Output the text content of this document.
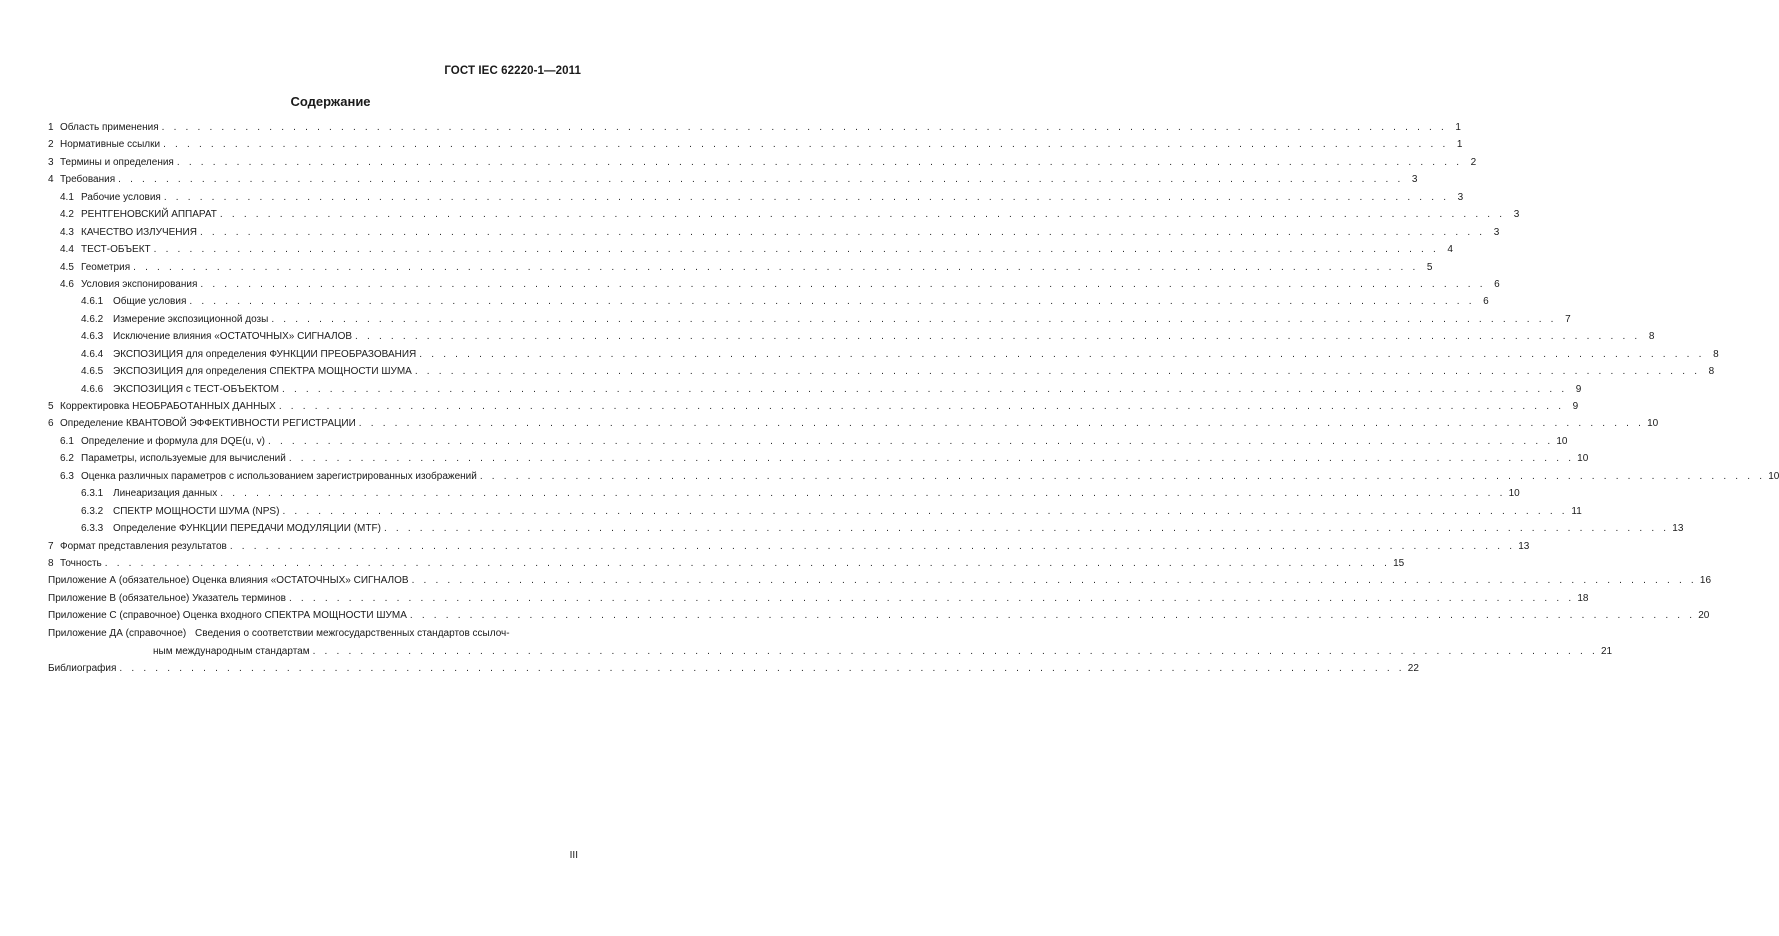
ГОСТ IEC 62220-1—2011
Содержание
1 Область применения . . . . . . . . . . . . . . . . . . . . . . . . . . . . . . . . . . . . . . . . . . . . . . . . . . . . . . . . . . . . . . . . . . . . . . . . . . . . . . . . . . . . . . . . . . . . . . . . . . . . . . . . . . . . 1
2 Нормативные ссылки . . . . . . . . . . . . . . . . . . . . . . . . . . . . . . . . . . . . . . . . . . . . . . . . . . . . . . . . . . . . . . . . . . . . . . . . . . . . . . . . . . . . . . . . . . . . . . . . . . . . . . . . . . . . 1
3 Термины и определения . . . . . . . . . . . . . . . . . . . . . . . . . . . . . . . . . . . . . . . . . . . . . . . . . . . . . . . . . . . . . . . . . . . . . . . . . . . . . . . . . . . . . . . . . . . . . . . . . . . . . . . . . . . . 2
4 Требования . . . . . . . . . . . . . . . . . . . . . . . . . . . . . . . . . . . . . . . . . . . . . . . . . . . . . . . . . . . . . . . . . . . . . . . . . . . . . . . . . . . . . . . . . . . . . . . . . . . . . . . . . . . . 3
4.1 Рабочие условия . . . . . . . . . . . . . . . . . . . . . . . . . . . . . . . . . . . . . . . . . . . . . . . . . . . . . . . . . . . . . . . . . . . . . . . . . . . . . . . . . . . . . . . . . . . . . . . . . . . . . . . . . . . . 3
4.2 РЕНТГЕНОВСКИЙ АППАРАТ . . . . . . . . . . . . . . . . . . . . . . . . . . . . . . . . . . . . . . . . . . . . . . . . . . . . . . . . . . . . . . . . . . . . . . . . . . . . . . . . . . . . . . . . . . . . . . . . . . . . . . . . . . . . 3
4.3 КАЧЕСТВО ИЗЛУЧЕНИЯ . . . . . . . . . . . . . . . . . . . . . . . . . . . . . . . . . . . . . . . . . . . . . . . . . . . . . . . . . . . . . . . . . . . . . . . . . . . . . . . . . . . . . . . . . . . . . . . . . . . . . . . . . . . . 3
4.4 ТЕСТ-ОБЪЕКТ . . . . . . . . . . . . . . . . . . . . . . . . . . . . . . . . . . . . . . . . . . . . . . . . . . . . . . . . . . . . . . . . . . . . . . . . . . . . . . . . . . . . . . . . . . . . . . . . . . . . . . . . . . . . 4
4.5 Геометрия . . . . . . . . . . . . . . . . . . . . . . . . . . . . . . . . . . . . . . . . . . . . . . . . . . . . . . . . . . . . . . . . . . . . . . . . . . . . . . . . . . . . . . . . . . . . . . . . . . . . . . . . . . . . 5
4.6 Условия экспонирования . . . . . . . . . . . . . . . . . . . . . . . . . . . . . . . . . . . . . . . . . . . . . . . . . . . . . . . . . . . . . . . . . . . . . . . . . . . . . . . . . . . . . . . . . . . . . . . . . . . . . . . . . . . . 6
4.6.1 Общие условия . . . . . . . . . . . . . . . . . . . . . . . . . . . . . . . . . . . . . . . . . . . . . . . . . . . . . . . . . . . . . . . . . . . . . . . . . . . . . . . . . . . . . . . . . . . . . . . . . . . . . . . . . . . . 6
4.6.2 Измерение экспозиционной дозы . . . . . . . . . . . . . . . . . . . . . . . . . . . . . . . . . . . . . . . . . . . . . . . . . . . . . . . . . . . . . . . . . . . . . . . . . . . . . . . . . . . . . . . . . . . . . . . . . . . . . . . . . . . . 7
4.6.3 Исключение влияния «ОСТАТОЧНЫХ» СИГНАЛОВ . . . . . . . . . . . . . . . . . . . . . . . . . . . . . . . . . . . . . . . . . . . . . . . . . . . . . . . . . . . . . . . . . . . . . . . . . . . . . . . . . . . . . . . . . . . . . . . . . . . . . . . . . . . . 8
4.6.4 ЭКСПОЗИЦИЯ для определения ФУНКЦИИ ПРЕОБРАЗОВАНИЯ . . . . . . . . . . . . . . . . . . . . . . . . . . . . . . . . . . . . . . . . . . . . . . . . . . . . . . . . . . . . . . . . . . . . . . . . . . . . . . . . . . . . . . . . . . . . . . . . . . . . . . . . . . . . 8
4.6.5 ЭКСПОЗИЦИЯ для определения СПЕКТРА МОЩНОСТИ ШУМА . . . . . . . . . . . . . . . . . . . . . . . . . . . . . . . . . . . . . . . . . . . . . . . . . . . . . . . . . . . . . . . . . . . . . . . . . . . . . . . . . . . . . . . . . . . . . . . . . . . . . . . . . . . . 8
4.6.6 ЭКСПОЗИЦИЯ с ТЕСТ-ОБЪЕКТОМ . . . . . . . . . . . . . . . . . . . . . . . . . . . . . . . . . . . . . . . . . . . . . . . . . . . . . . . . . . . . . . . . . . . . . . . . . . . . . . . . . . . . . . . . . . . . . . . . . . . . . . . . . . . . 9
5 Корректировка НЕОБРАБОТАННЫХ ДАННЫХ . . . . . . . . . . . . . . . . . . . . . . . . . . . . . . . . . . . . . . . . . . . . . . . . . . . . . . . . . . . . . . . . . . . . . . . . . . . . . . . . . . . . . . . . . . . . . . . . . . . . . . . . . . . . 9
6 Определение КВАНТОВОЙ ЭФФЕКТИВНОСТИ РЕГИСТРАЦИИ . . . . . . . . . . . . . . . . . . . . . . . . . . . . . . . . . . . . . . . . . . . . . . . . . . . . . . . . . . . . . . . . . . . . . . . . . . . . . . . . . . . . . . . . . . . . . . . . . . . . . . . . . . . . 10
6.1 Определение и формула для DQE(u, v) . . . . . . . . . . . . . . . . . . . . . . . . . . . . . . . . . . . . . . . . . . . . . . . . . . . . . . . . . . . . . . . . . . . . . . . . . . . . . . . . . . . . . . . . . . . . . . . . . . . . . . . . . . . . 10
6.2 Параметры, используемые для вычислений . . . . . . . . . . . . . . . . . . . . . . . . . . . . . . . . . . . . . . . . . . . . . . . . . . . . . . . . . . . . . . . . . . . . . . . . . . . . . . . . . . . . . . . . . . . . . . . . . . . . . . . . . . . . 10
6.3 Оценка различных параметров с использованием зарегистрированных изображений . . . . . . . . . . . . . . . . . . . . . . . . . . . . . . . . . . . . . . . . . . . . . . . . . . . . . . . . . . . . . . . . . . . . . . . . . . . . . . . . . . . . . . . . . . . . . . . . . . . . . . . . . . . . 10
6.3.1 Линеаризация данных . . . . . . . . . . . . . . . . . . . . . . . . . . . . . . . . . . . . . . . . . . . . . . . . . . . . . . . . . . . . . . . . . . . . . . . . . . . . . . . . . . . . . . . . . . . . . . . . . . . . . . . . . . . . 10
6.3.2 СПЕКТР МОЩНОСТИ ШУМА (NPS) . . . . . . . . . . . . . . . . . . . . . . . . . . . . . . . . . . . . . . . . . . . . . . . . . . . . . . . . . . . . . . . . . . . . . . . . . . . . . . . . . . . . . . . . . . . . . . . . . . . . . . . . . . . . 11
6.3.3 Определение ФУНКЦИИ ПЕРЕДАЧИ МОДУЛЯЦИИ (MTF) . . . . . . . . . . . . . . . . . . . . . . . . . . . . . . . . . . . . . . . . . . . . . . . . . . . . . . . . . . . . . . . . . . . . . . . . . . . . . . . . . . . . . . . . . . . . . . . . . . . . . . . . . . . . 13
7 Формат представления результатов . . . . . . . . . . . . . . . . . . . . . . . . . . . . . . . . . . . . . . . . . . . . . . . . . . . . . . . . . . . . . . . . . . . . . . . . . . . . . . . . . . . . . . . . . . . . . . . . . . . . . . . . . . . . 13
8 Точность . . . . . . . . . . . . . . . . . . . . . . . . . . . . . . . . . . . . . . . . . . . . . . . . . . . . . . . . . . . . . . . . . . . . . . . . . . . . . . . . . . . . . . . . . . . . . . . . . . . . . . . . . . . . 15
Приложение А (обязательное) Оценка влияния «ОСТАТОЧНЫХ» СИГНАЛОВ . . . . . . . . . . . . . . . . . . . . . . . . . . . . . . . . . . . . . . . . . . . . . . . . . . . . . . . . . . . . . . . . . . . . . . . . . . . . . . . . . . . . . . . . . . . . . . . . . . . . . . . . . . . . 16
Приложение В (обязательное) Указатель терминов . . . . . . . . . . . . . . . . . . . . . . . . . . . . . . . . . . . . . . . . . . . . . . . . . . . . . . . . . . . . . . . . . . . . . . . . . . . . . . . . . . . . . . . . . . . . . . . . . . . . . . . . . . . . 18
Приложение С (справочное) Оценка входного СПЕКТРА МОЩНОСТИ ШУМА . . . . . . . . . . . . . . . . . . . . . . . . . . . . . . . . . . . . . . . . . . . . . . . . . . . . . . . . . . . . . . . . . . . . . . . . . . . . . . . . . . . . . . . . . . . . . . . . . . . . . . . . . . . . 20
Приложение ДА (справочное) Сведения о соответствии межгосударственных стандартов ссылоч-
ным международным стандартам . . . . . . . . . . . . . . . . . . . . . . . . . . . . . . . . . . . . . . . . . . . . . . . . . . . . . . . . . . . . . . . . . . . . . . . . . . . . . . . . . . . . . . . . . . . . . . . . . . . . . . . . . . . . 21
Библиография . . . . . . . . . . . . . . . . . . . . . . . . . . . . . . . . . . . . . . . . . . . . . . . . . . . . . . . . . . . . . . . . . . . . . . . . . . . . . . . . . . . . . . . . . . . . . . . . . . . . . . . . . . . . 22
III
